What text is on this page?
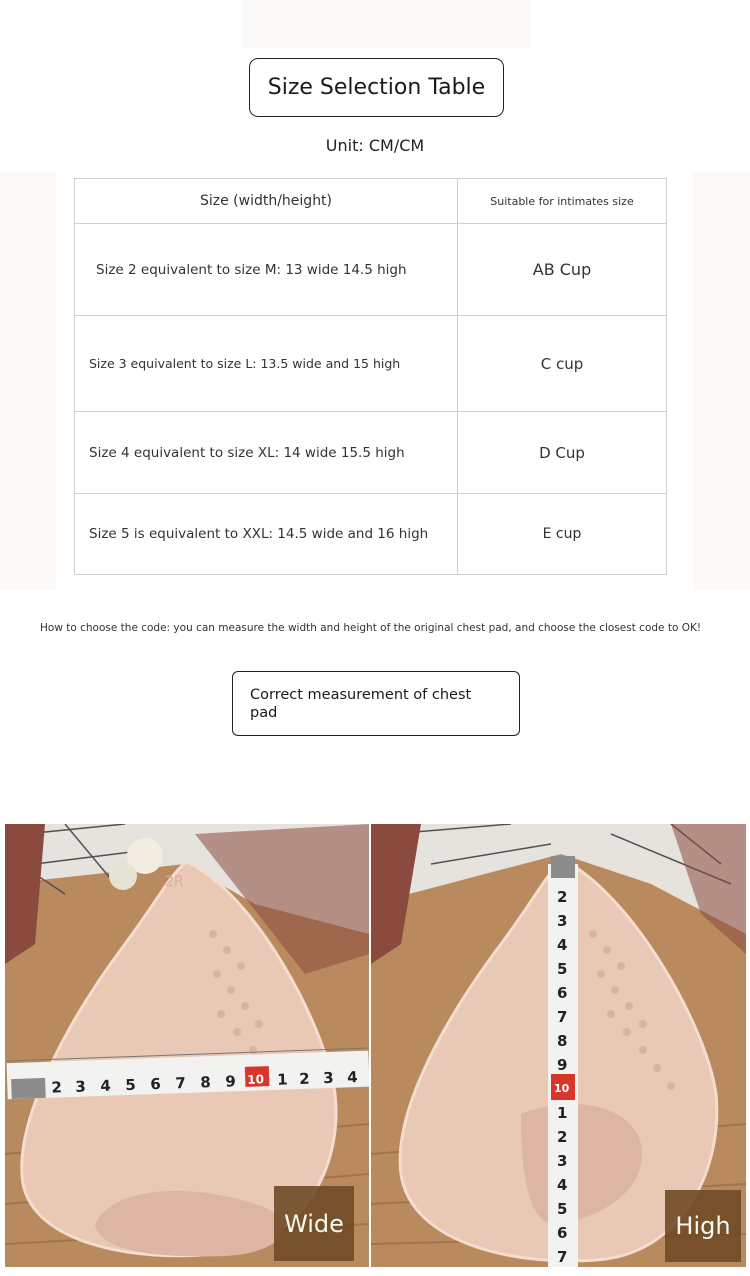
Size Selection Table
Unit: CM/CM
Size (width/height)	Suitable for intimates size
Size 2 equivalent to size M: 13 wide 14.5 high	AB Cup
Size 3 equivalent to size L: 13.5 wide and 15 high	C cup
Size 4 equivalent to size XL: 14 wide 15.5 high	D Cup
Size 5 is equivalent to XXL: 14.5 wide and 16 high	E cup
How to choose the code: you can measure the width and height of the original chest pad, and choose the closest code to OK!
Correct measurement of chest pad
2R
2 3 4 5 6 7 8 9 10 1 2 3 4
2
3
4
5
6
7
8
9
10
1
2
3
4
5
6
7
Wide	High
